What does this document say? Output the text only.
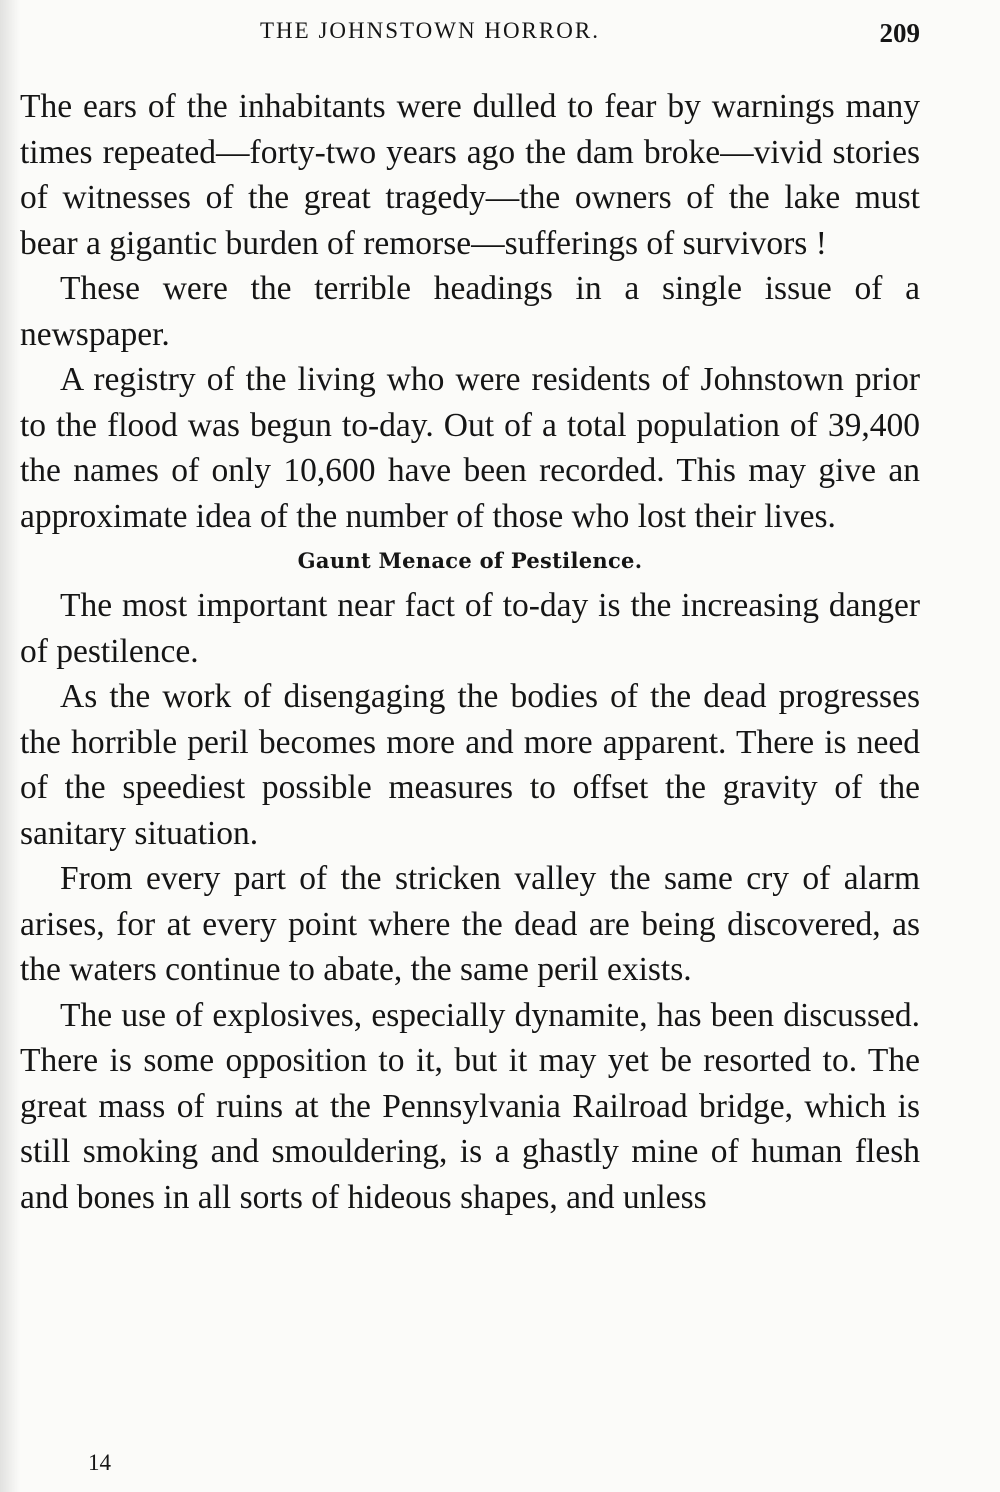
THE JOHNSTOWN HORROR.	209

The ears of the inhabitants were dulled to fear by warnings many times repeated—forty-two years ago the dam broke—vivid stories of witnesses of the great tragedy—the owners of the lake must bear a gigantic burden of remorse—sufferings of survivors !

These were the terrible headings in a single issue of a newspaper.

A registry of the living who were residents of Johnstown prior to the flood was begun to-day. Out of a total population of 39,400 the names of only 10,600 have been recorded. This may give an approximate idea of the number of those who lost their lives.

Gaunt Menace of Pestilence.

The most important near fact of to-day is the increasing danger of pestilence.

As the work of disengaging the bodies of the dead progresses the horrible peril becomes more and more apparent. There is need of the speediest possible measures to offset the gravity of the sanitary situation.

From every part of the stricken valley the same cry of alarm arises, for at every point where the dead are being discovered, as the waters continue to abate, the same peril exists.

The use of explosives, especially dynamite, has been discussed. There is some opposition to it, but it may yet be resorted to. The great mass of ruins at the Pennsylvania Railroad bridge, which is still smoking and smouldering, is a ghastly mine of human flesh and bones in all sorts of hideous shapes, and unless

14
